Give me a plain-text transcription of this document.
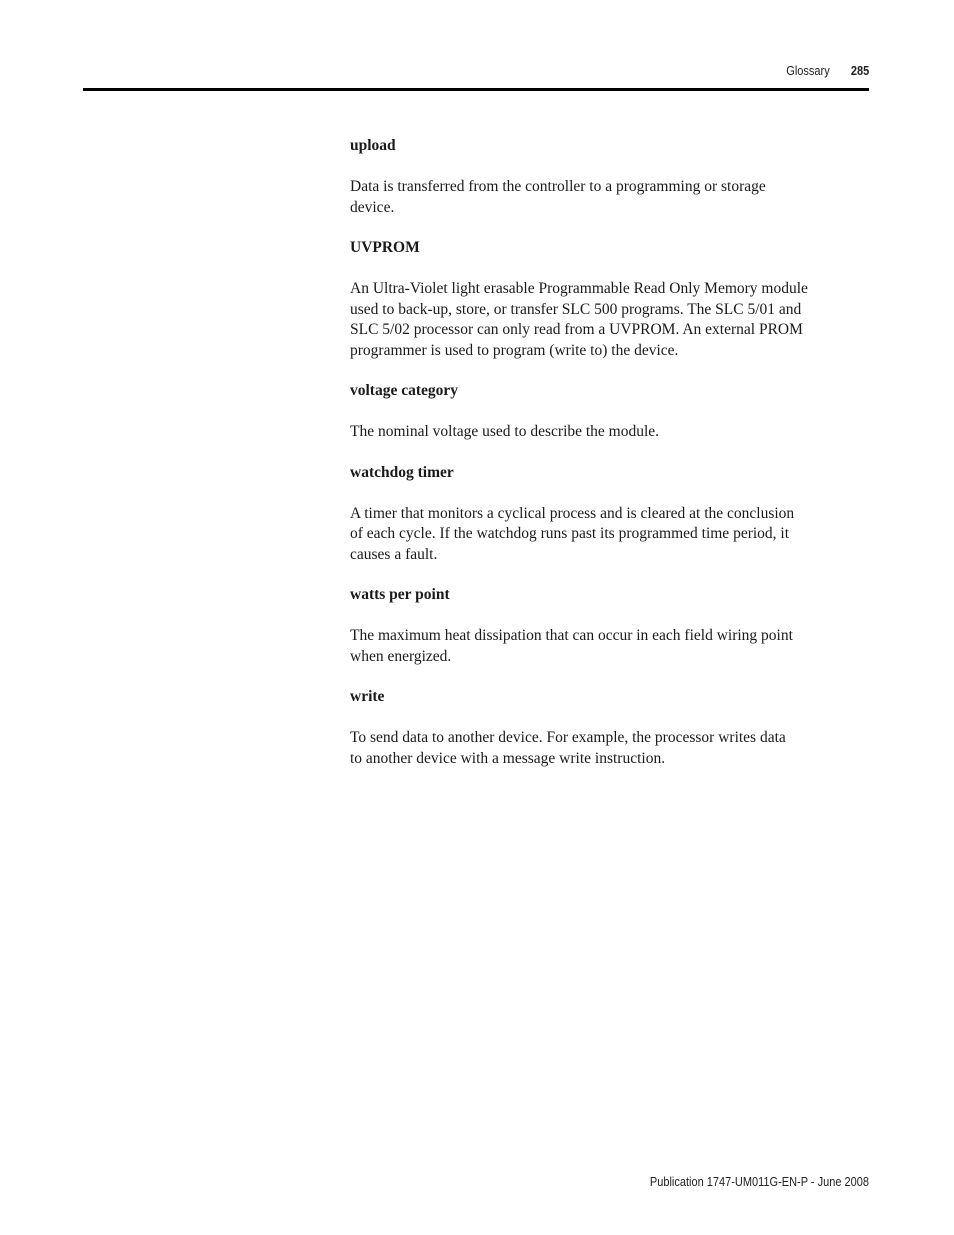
Glossary 285

upload

Data is transferred from the controller to a programming or storage device.

UVPROM

An Ultra-Violet light erasable Programmable Read Only Memory module used to back-up, store, or transfer SLC 500 programs. The SLC 5/01 and SLC 5/02 processor can only read from a UVPROM. An external PROM programmer is used to program (write to) the device.

voltage category

The nominal voltage used to describe the module.

watchdog timer

A timer that monitors a cyclical process and is cleared at the conclusion of each cycle. If the watchdog runs past its programmed time period, it causes a fault.

watts per point

The maximum heat dissipation that can occur in each field wiring point when energized.

write

To send data to another device. For example, the processor writes data to another device with a message write instruction.

Publication 1747-UM011G-EN-P - June 2008
